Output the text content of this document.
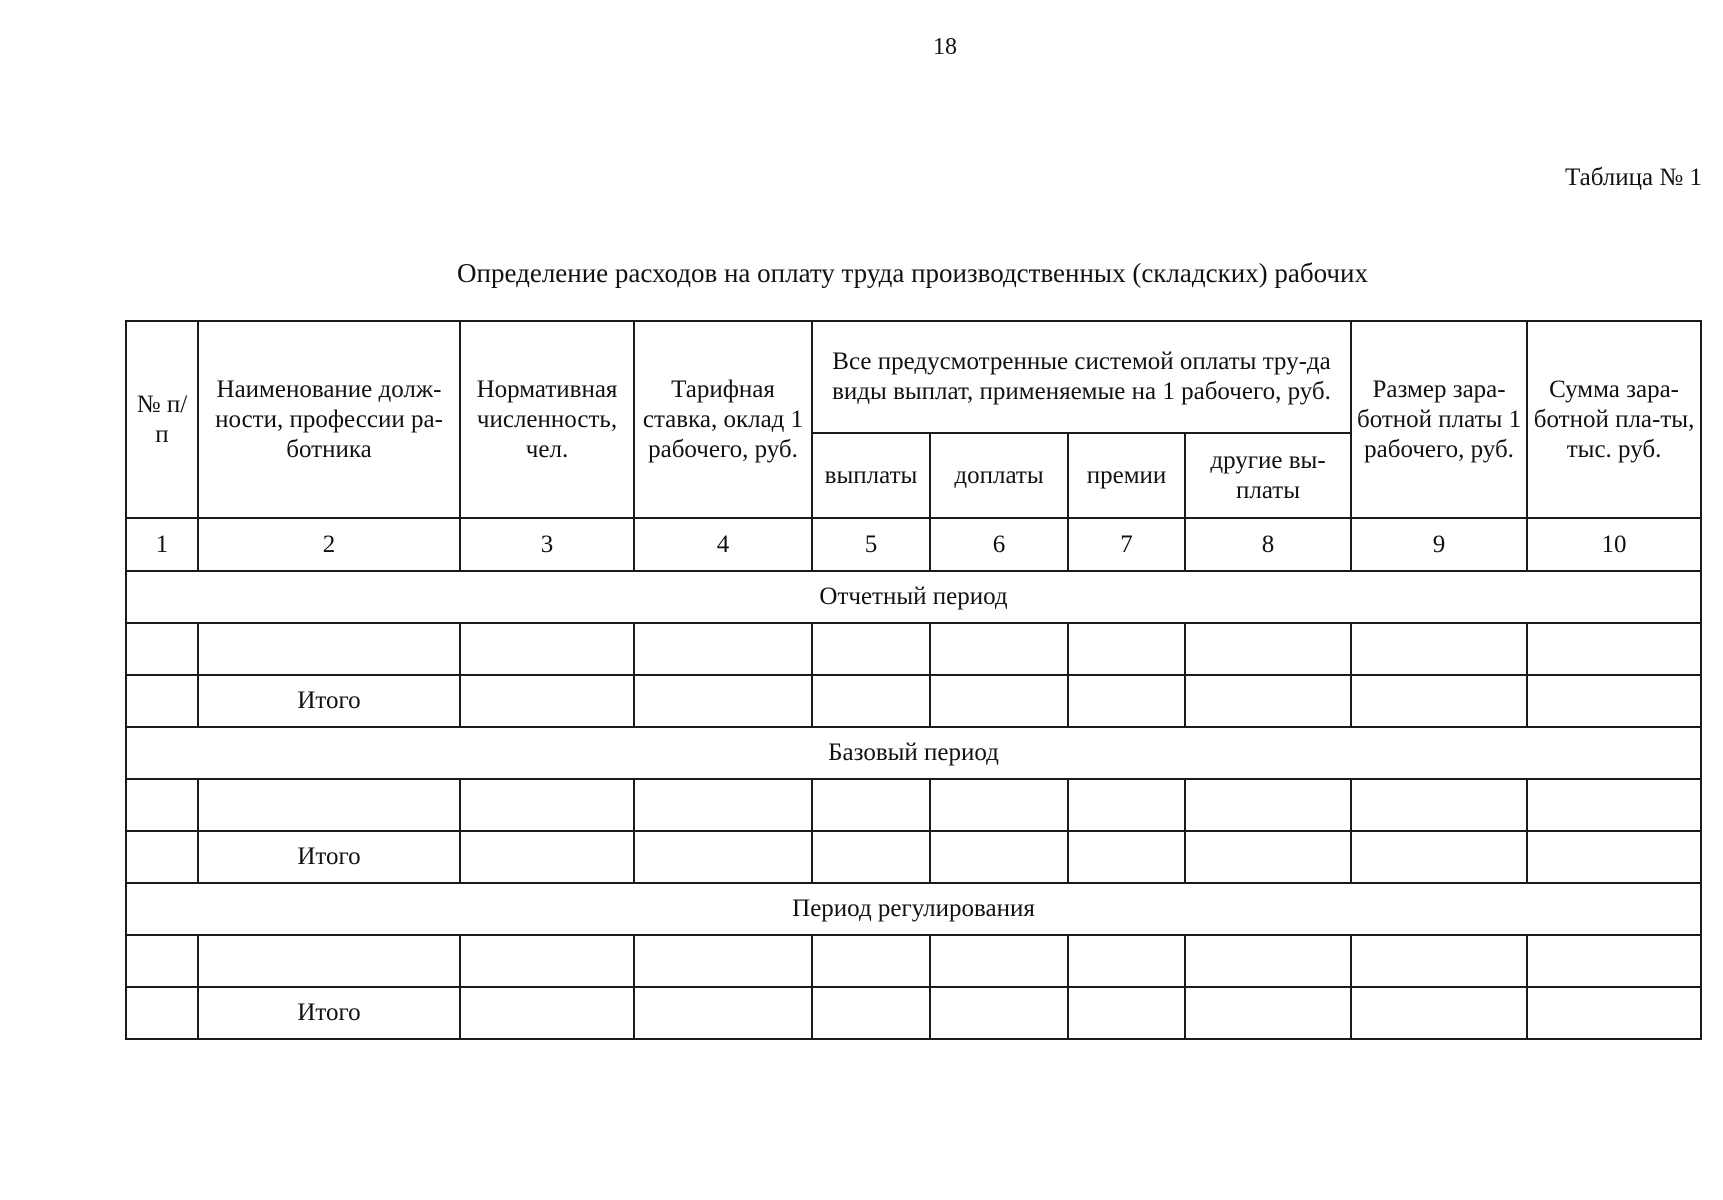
18
Таблица № 1
Определение расходов на оплату труда производственных (складских) рабочих
№ п/п	Наименование долж-ности, профессии ра-ботника	Нормативная численность, чел.	Тарифная ставка, оклад 1 рабочего, руб.	Все предусмотренные системой оплаты тру-да виды выплат, применяемые на 1 рабочего, руб.				Размер зара-ботной платы 1 рабочего, руб.	Сумма зара-ботной пла-ты, тыс. руб.
				выплаты	доплаты	премии	другие вы-платы		
1	2	3	4	5	6	7	8	9	10
Отчетный период									

	Итого								
Базовый период									

	Итого								
Период регулирования									

	Итого								
